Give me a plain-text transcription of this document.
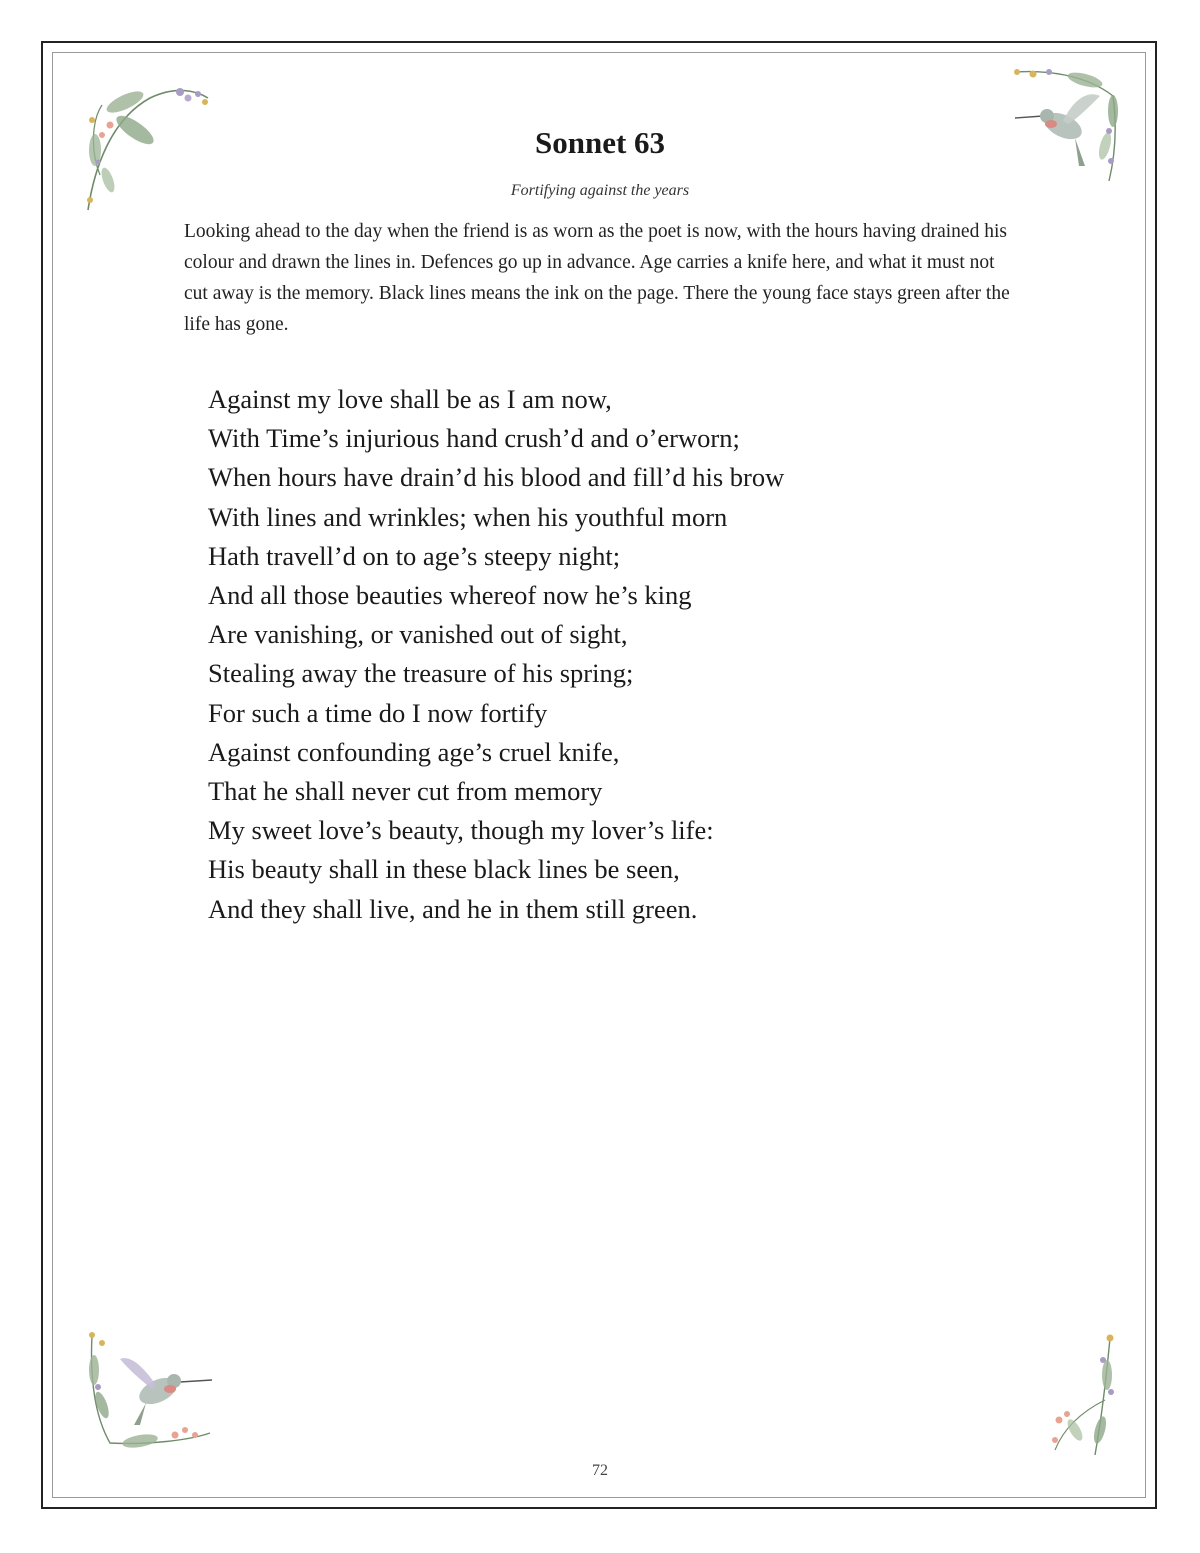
Sonnet 63
Fortifying against the years

Looking ahead to the day when the friend is as worn as the poet is now, with the hours having drained his colour and drawn the lines in. Defences go up in advance. Age carries a knife here, and what it must not cut away is the memory. Black lines means the ink on the page. There the young face stays green after the life has gone.

Against my love shall be as I am now,
With Time’s injurious hand crush’d and o’erworn;
When hours have drain’d his blood and fill’d his brow
With lines and wrinkles; when his youthful morn
Hath travell’d on to age’s steepy night;
And all those beauties whereof now he’s king
Are vanishing, or vanished out of sight,
Stealing away the treasure of his spring;
For such a time do I now fortify
Against confounding age’s cruel knife,
That he shall never cut from memory
My sweet love’s beauty, though my lover’s life:
His beauty shall in these black lines be seen,
And they shall live, and he in them still green.
72
